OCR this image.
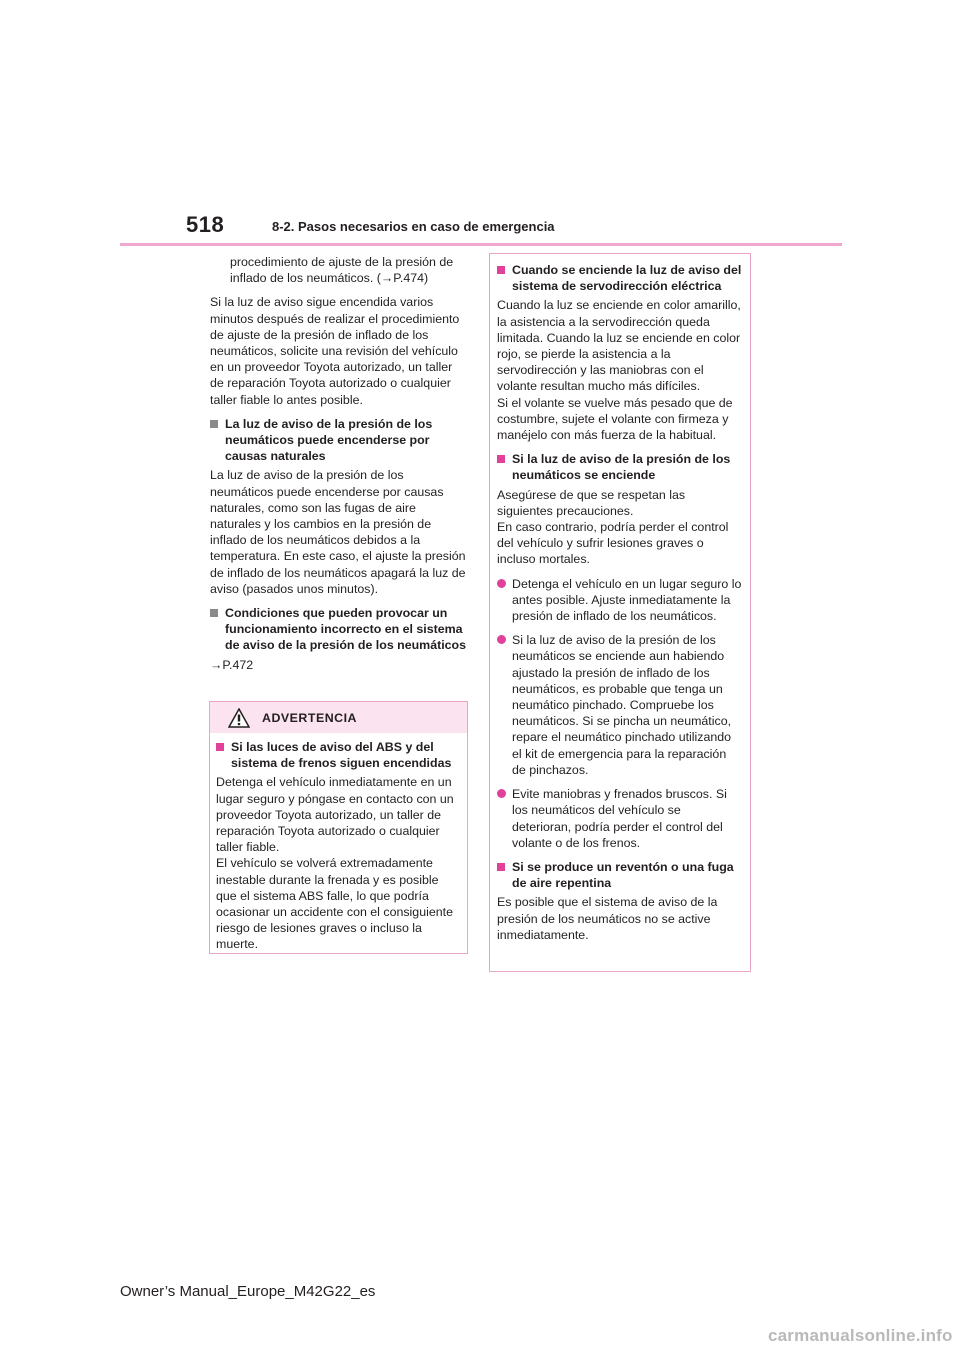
518	8-2. Pasos necesarios en caso de emergencia

procedimiento de ajuste de la presión de inflado de los neumáticos. (→P.474)

Si la luz de aviso sigue encendida varios minutos después de realizar el procedimiento de ajuste de la presión de inflado de los neumáticos, solicite una revisión del vehículo en un proveedor Toyota autorizado, un taller de reparación Toyota autorizado o cualquier taller fiable lo antes posible.

La luz de aviso de la presión de los neumáticos puede encenderse por causas naturales

La luz de aviso de la presión de los neumáticos puede encenderse por causas naturales, como son las fugas de aire naturales y los cambios en la presión de inflado de los neumáticos debidos a la temperatura. En este caso, el ajuste la presión de inflado de los neumáticos apagará la luz de aviso (pasados unos minutos).

Condiciones que pueden provocar un funcionamiento incorrecto en el sistema de aviso de la presión de los neumáticos

→P.472

ADVERTENCIA
Si las luces de aviso del ABS y del sistema de frenos siguen encendidas

Detenga el vehículo inmediatamente en un lugar seguro y póngase en contacto con un proveedor Toyota autorizado, un taller de reparación Toyota autorizado o cualquier taller fiable.

El vehículo se volverá extremadamente inestable durante la frenada y es posible que el sistema ABS falle, lo que podría ocasionar un accidente con el consiguiente riesgo de lesiones graves o incluso la muerte.

Cuando se enciende la luz de aviso del sistema de servodirección eléctrica

Cuando la luz se enciende en color amarillo, la asistencia a la servodirección queda limitada. Cuando la luz se enciende en color rojo, se pierde la asistencia a la servodirección y las maniobras con el volante resultan mucho más difíciles.

Si el volante se vuelve más pesado que de costumbre, sujete el volante con firmeza y manéjelo con más fuerza de la habitual.

Si la luz de aviso de la presión de los neumáticos se enciende

Asegúrese de que se respetan las siguientes precauciones.

En caso contrario, podría perder el control del vehículo y sufrir lesiones graves o incluso mortales.

Detenga el vehículo en un lugar seguro lo antes posible. Ajuste inmediatamente la presión de inflado de los neumáticos.
Si la luz de aviso de la presión de los neumáticos se enciende aun habiendo ajustado la presión de inflado de los neumáticos, es probable que tenga un neumático pinchado. Compruebe los neumáticos. Si se pincha un neumático, repare el neumático pinchado utilizando el kit de emergencia para la reparación de pinchazos.
Evite maniobras y frenados bruscos. Si los neumáticos del vehículo se deterioran, podría perder el control del volante o de los frenos.
Si se produce un reventón o una fuga de aire repentina

Es posible que el sistema de aviso de la presión de los neumáticos no se active inmediatamente.

Owner’s Manual_Europe_M42G22_es
carmanualsonline.info
